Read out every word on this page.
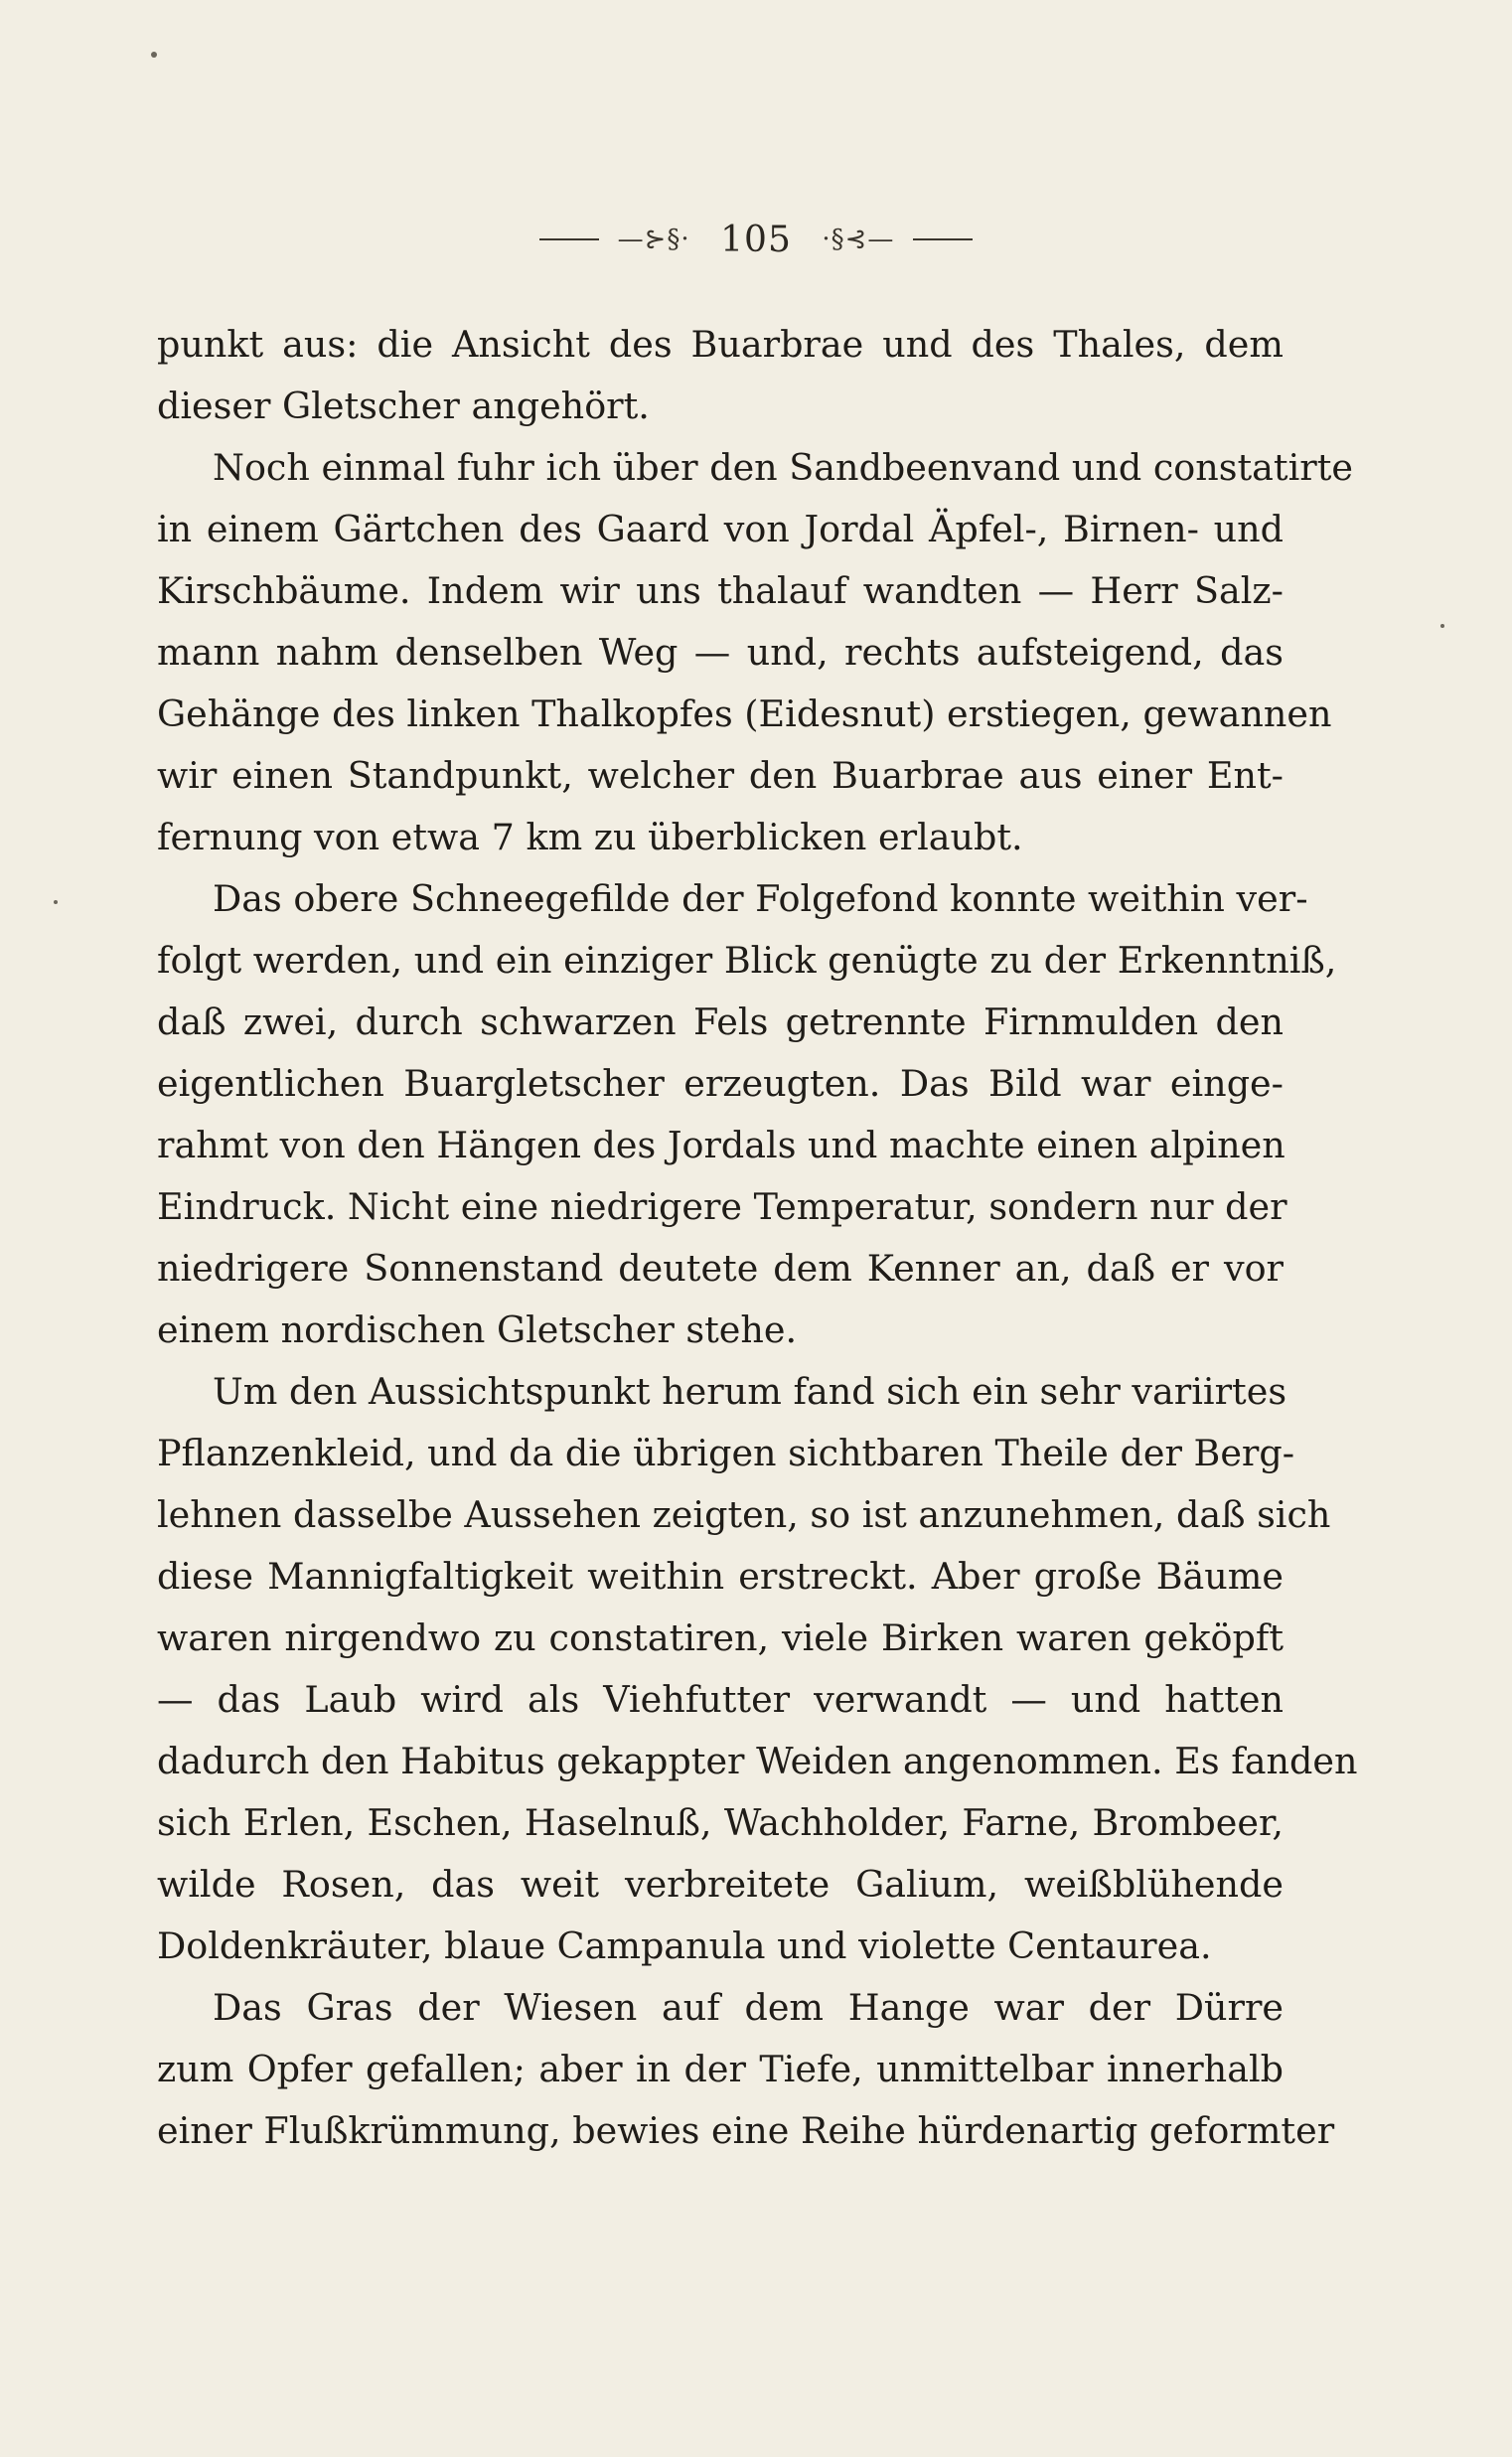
—⊱§· 105 ·§⊰—
punkt aus: die Ansicht des Buarbrae und des Thales, dem
dieser Gletscher angehört.
Noch einmal fuhr ich über den Sandbeenvand und constatirte
in einem Gärtchen des Gaard von Jordal Äpfel-, Birnen- und
Kirschbäume. Indem wir uns thalauf wandten — Herr Salz-
mann nahm denselben Weg — und, rechts aufsteigend, das
Gehänge des linken Thalkopfes (Eidesnut) erstiegen, gewannen
wir einen Standpunkt, welcher den Buarbrae aus einer Ent-
fernung von etwa 7 km zu überblicken erlaubt.
Das obere Schneegefilde der Folgefond konnte weithin ver-
folgt werden, und ein einziger Blick genügte zu der Erkenntniß,
daß zwei, durch schwarzen Fels getrennte Firnmulden den
eigentlichen Buargletscher erzeugten. Das Bild war einge-
rahmt von den Hängen des Jordals und machte einen alpinen
Eindruck. Nicht eine niedrigere Temperatur, sondern nur der
niedrigere Sonnenstand deutete dem Kenner an, daß er vor
einem nordischen Gletscher stehe.
Um den Aussichtspunkt herum fand sich ein sehr variirtes
Pflanzenkleid, und da die übrigen sichtbaren Theile der Berg-
lehnen dasselbe Aussehen zeigten, so ist anzunehmen, daß sich
diese Mannigfaltigkeit weithin erstreckt. Aber große Bäume
waren nirgendwo zu constatiren, viele Birken waren geköpft
— das Laub wird als Viehfutter verwandt — und hatten
dadurch den Habitus gekappter Weiden angenommen. Es fanden
sich Erlen, Eschen, Haselnuß, Wachholder, Farne, Brombeer,
wilde Rosen, das weit verbreitete Galium, weißblühende
Doldenkräuter, blaue Campanula und violette Centaurea.
Das Gras der Wiesen auf dem Hange war der Dürre
zum Opfer gefallen; aber in der Tiefe, unmittelbar innerhalb
einer Flußkrümmung, bewies eine Reihe hürdenartig geformter
